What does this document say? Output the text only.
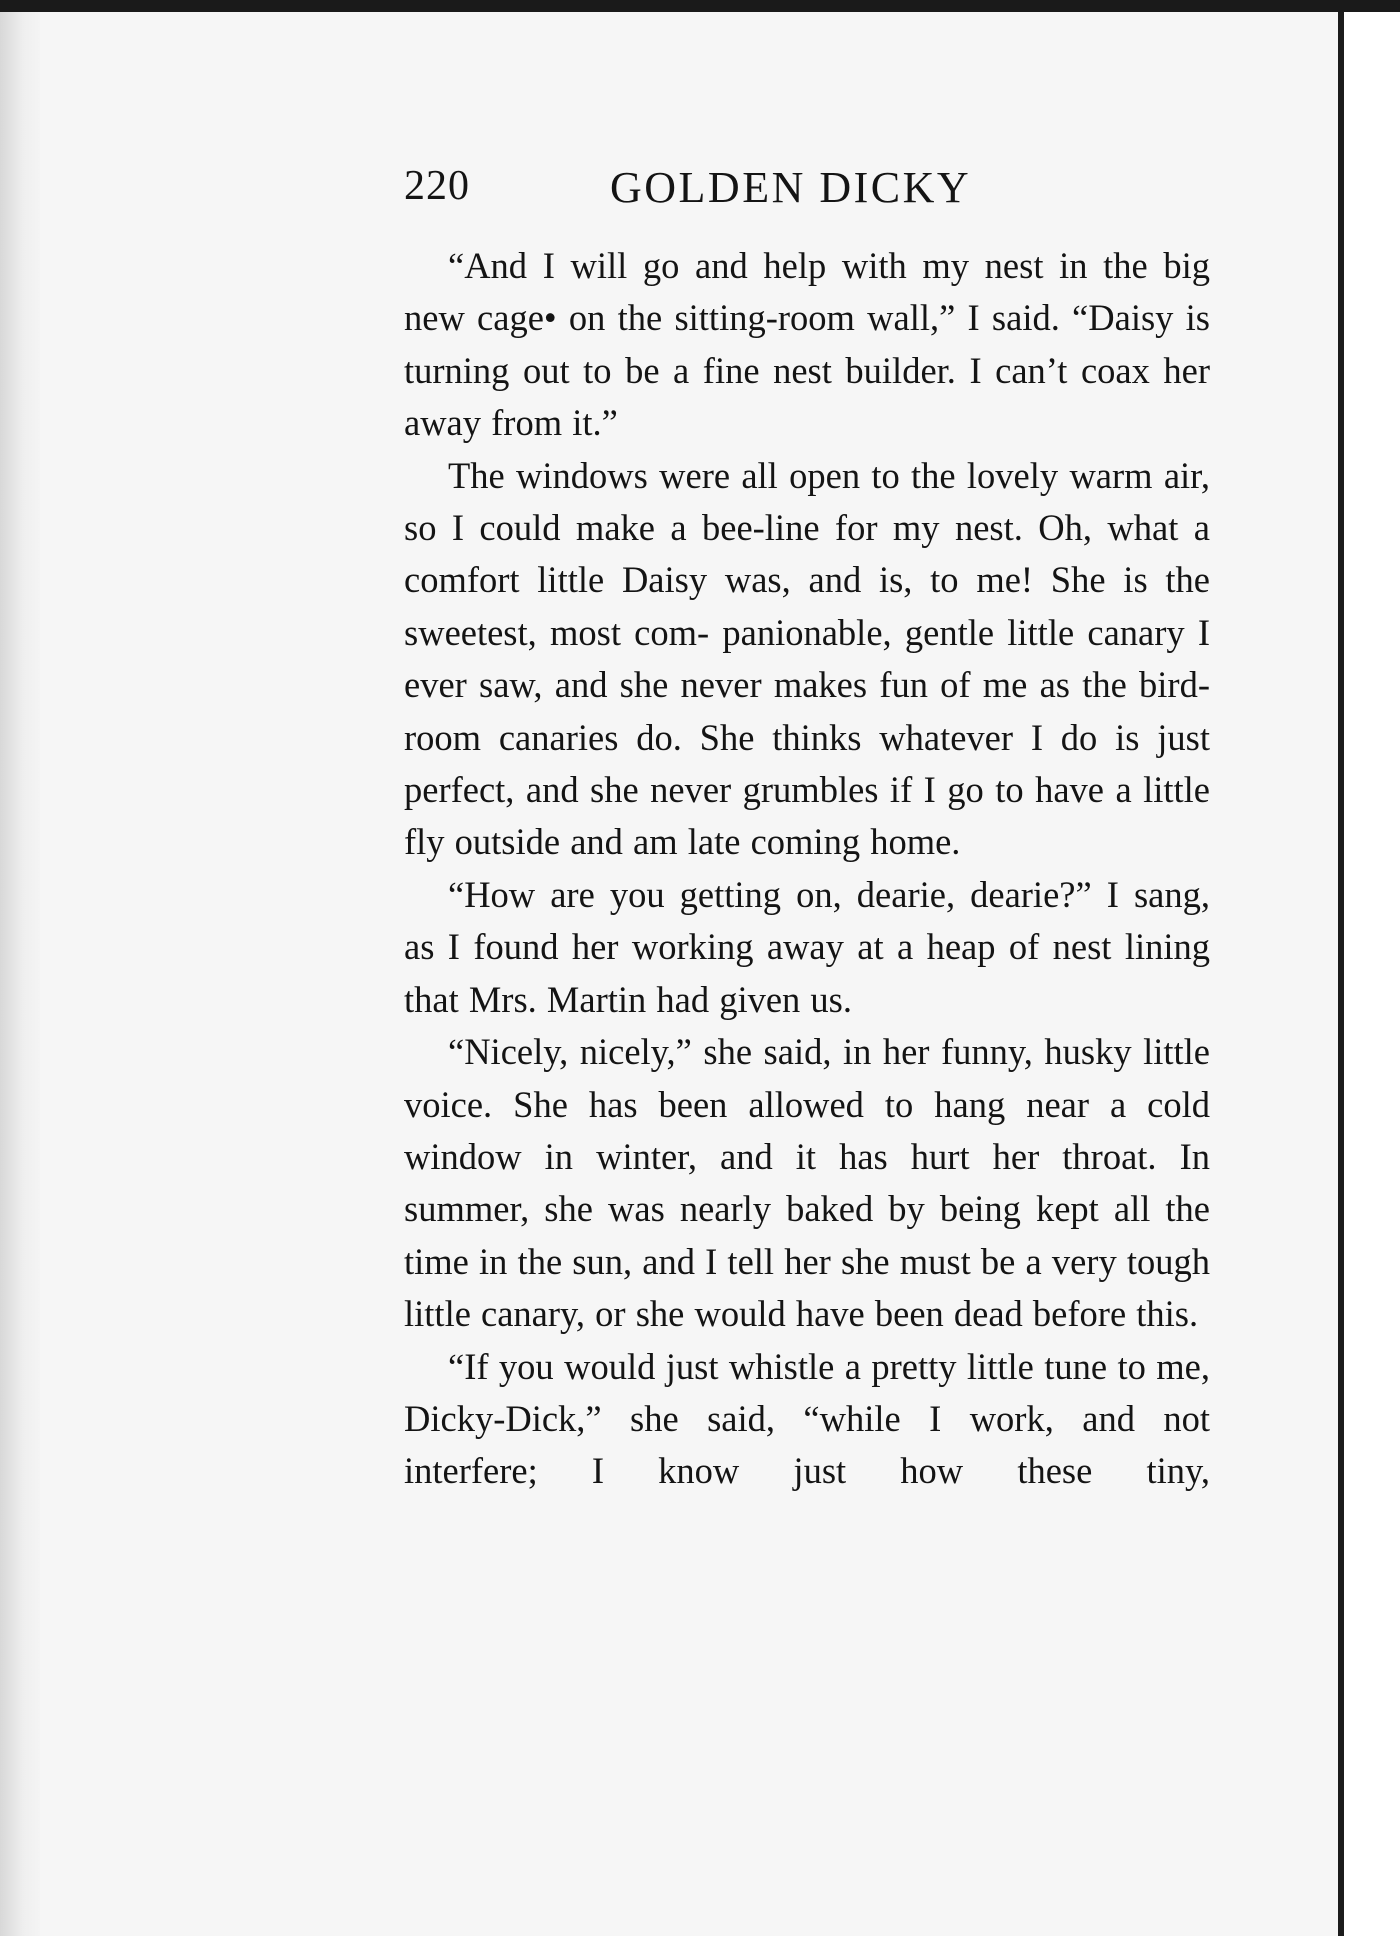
220	GOLDEN DICKY

“And I will go and help with my nest in the big new cage• on the sitting-room wall,” I said. “Daisy is turning out to be a fine nest builder. I can’t coax her away from it.”

The windows were all open to the lovely warm air, so I could make a bee-line for my nest. Oh, what a comfort little Daisy was, and is, to me! She is the sweetest, most com- panionable, gentle little canary I ever saw, and she never makes fun of me as the bird-room canaries do. She thinks whatever I do is just perfect, and she never grumbles if I go to have a little fly outside and am late coming home.

“How are you getting on, dearie, dearie?” I sang, as I found her working away at a heap of nest lining that Mrs. Martin had given us.

“Nicely, nicely,” she said, in her funny, husky little voice. She has been allowed to hang near a cold window in winter, and it has hurt her throat. In summer, she was nearly baked by being kept all the time in the sun, and I tell her she must be a very tough little canary, or she would have been dead before this.

“If you would just whistle a pretty little tune to me, Dicky-Dick,” she said, “while I work, and not interfere; I know just how these tiny,
